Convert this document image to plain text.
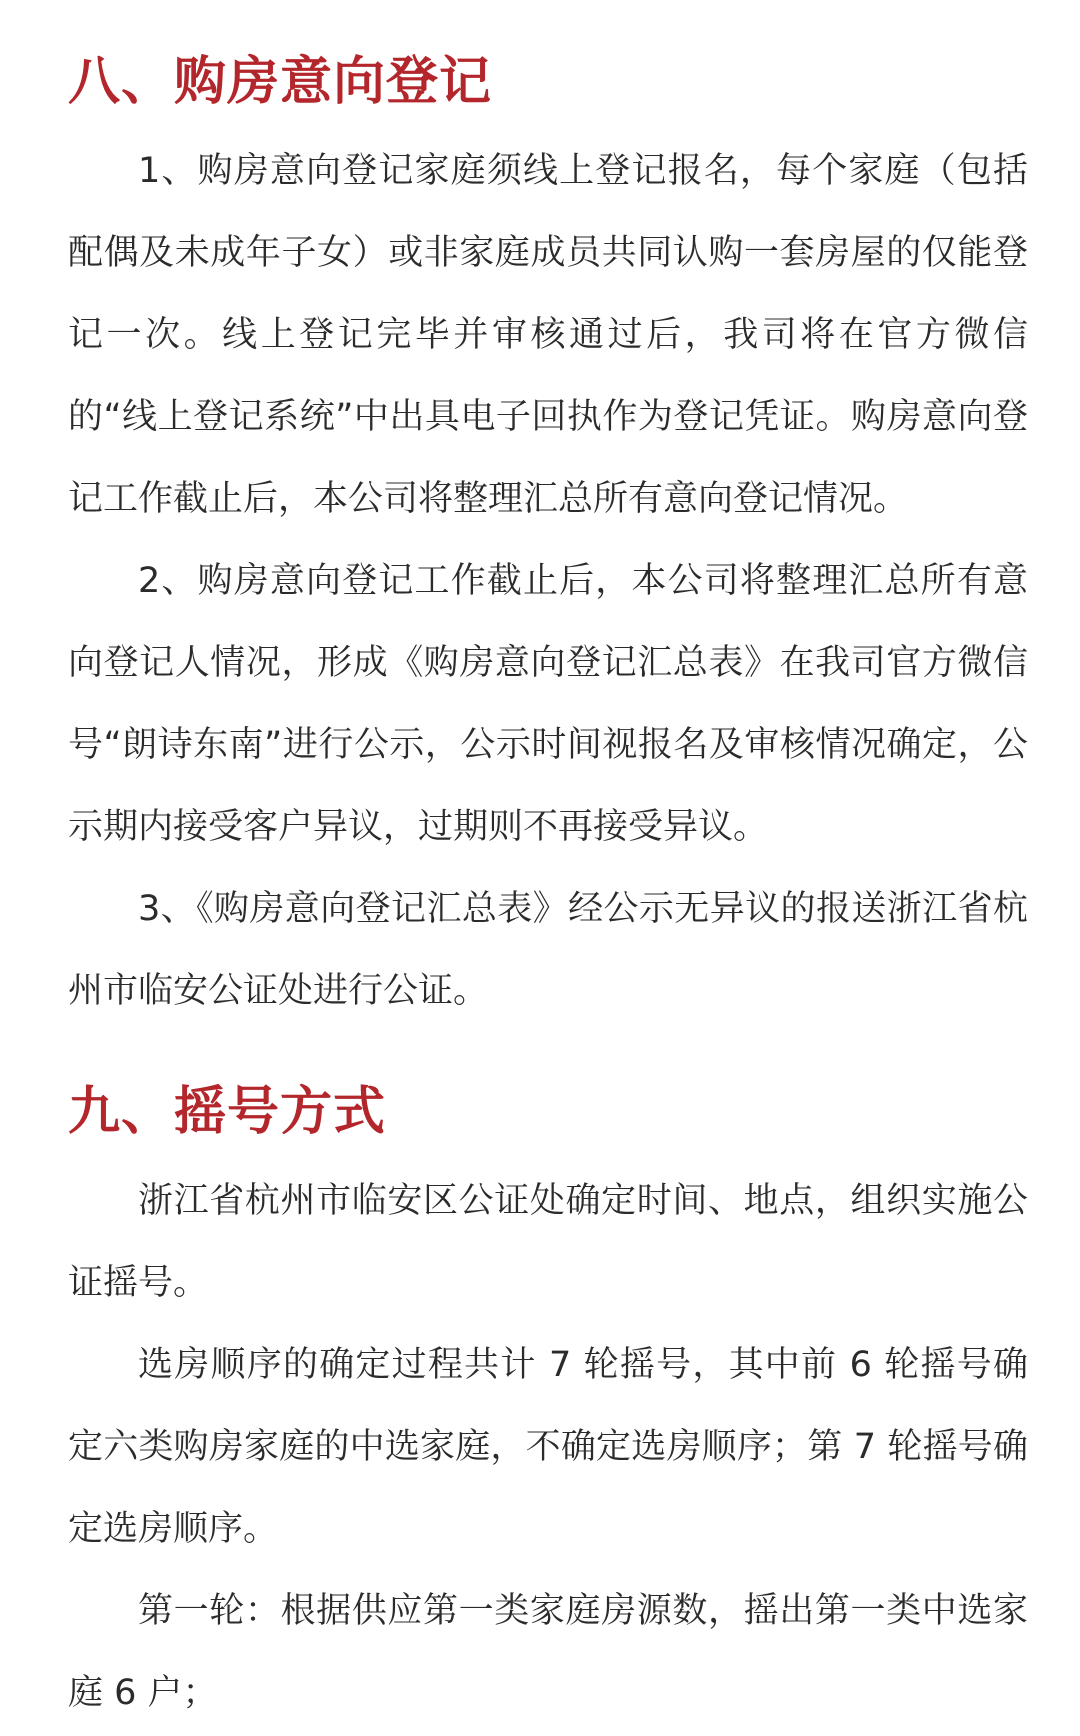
八、购房意向登记

1、购房意向登记家庭须线上登记报名，每个家庭（包括配偶及未成年子女）或非家庭成员共同认购一套房屋的仅能登记一次。线上登记完毕并审核通过后，我司将在官方微信的“线上登记系统”中出具电子回执作为登记凭证。购房意向登记工作截止后，本公司将整理汇总所有意向登记情况。

2、购房意向登记工作截止后，本公司将整理汇总所有意向登记人情况，形成《购房意向登记汇总表》在我司官方微信号“朗诗东南”进行公示，公示时间视报名及审核情况确定，公示期内接受客户异议，过期则不再接受异议。

3、《购房意向登记汇总表》经公示无异议的报送浙江省杭州市临安公证处进行公证。

九、摇号方式

浙江省杭州市临安区公证处确定时间、地点，组织实施公证摇号。

选房顺序的确定过程共计 7 轮摇号，其中前 6 轮摇号确定六类购房家庭的中选家庭，不确定选房顺序；第 7 轮摇号确定选房顺序。

第一轮：根据供应第一类家庭房源数，摇出第一类中选家庭 6 户；
